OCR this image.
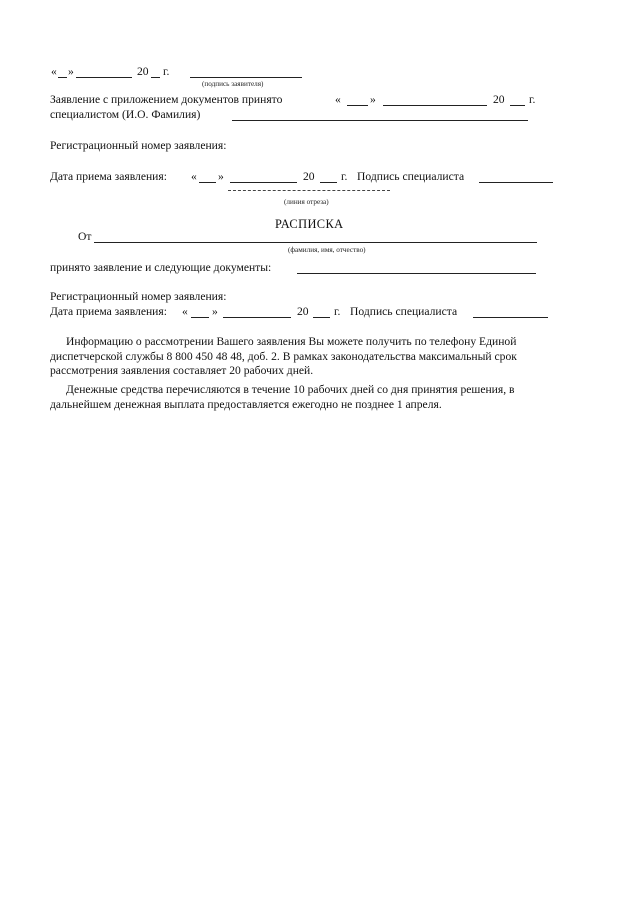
« »	20 г.
(подпись заявителя)
Заявление с приложением документов принято	«	»	20 г.
специалистом (И.О. Фамилия)
Регистрационный номер заявления:
Дата приема заявления: « »	20 г. Подпись специалиста
(линия отреза)
РАСПИСКА
От
(фамилия, имя, отчество)
принято заявление и следующие документы:
Регистрационный номер заявления:
Дата приема заявления: « »	20 г. Подпись специалиста
Информацию о рассмотрении Вашего заявления Вы можете получить по телефону Единой
диспетчерской службы 8 800 450 48 48, доб. 2. В рамках законодательства максимальный срок
рассмотрения заявления составляет 20 рабочих дней.
Денежные средства перечисляются в течение 10 рабочих дней со дня принятия решения, в
дальнейшем денежная выплата предоставляется ежегодно не позднее 1 апреля.
